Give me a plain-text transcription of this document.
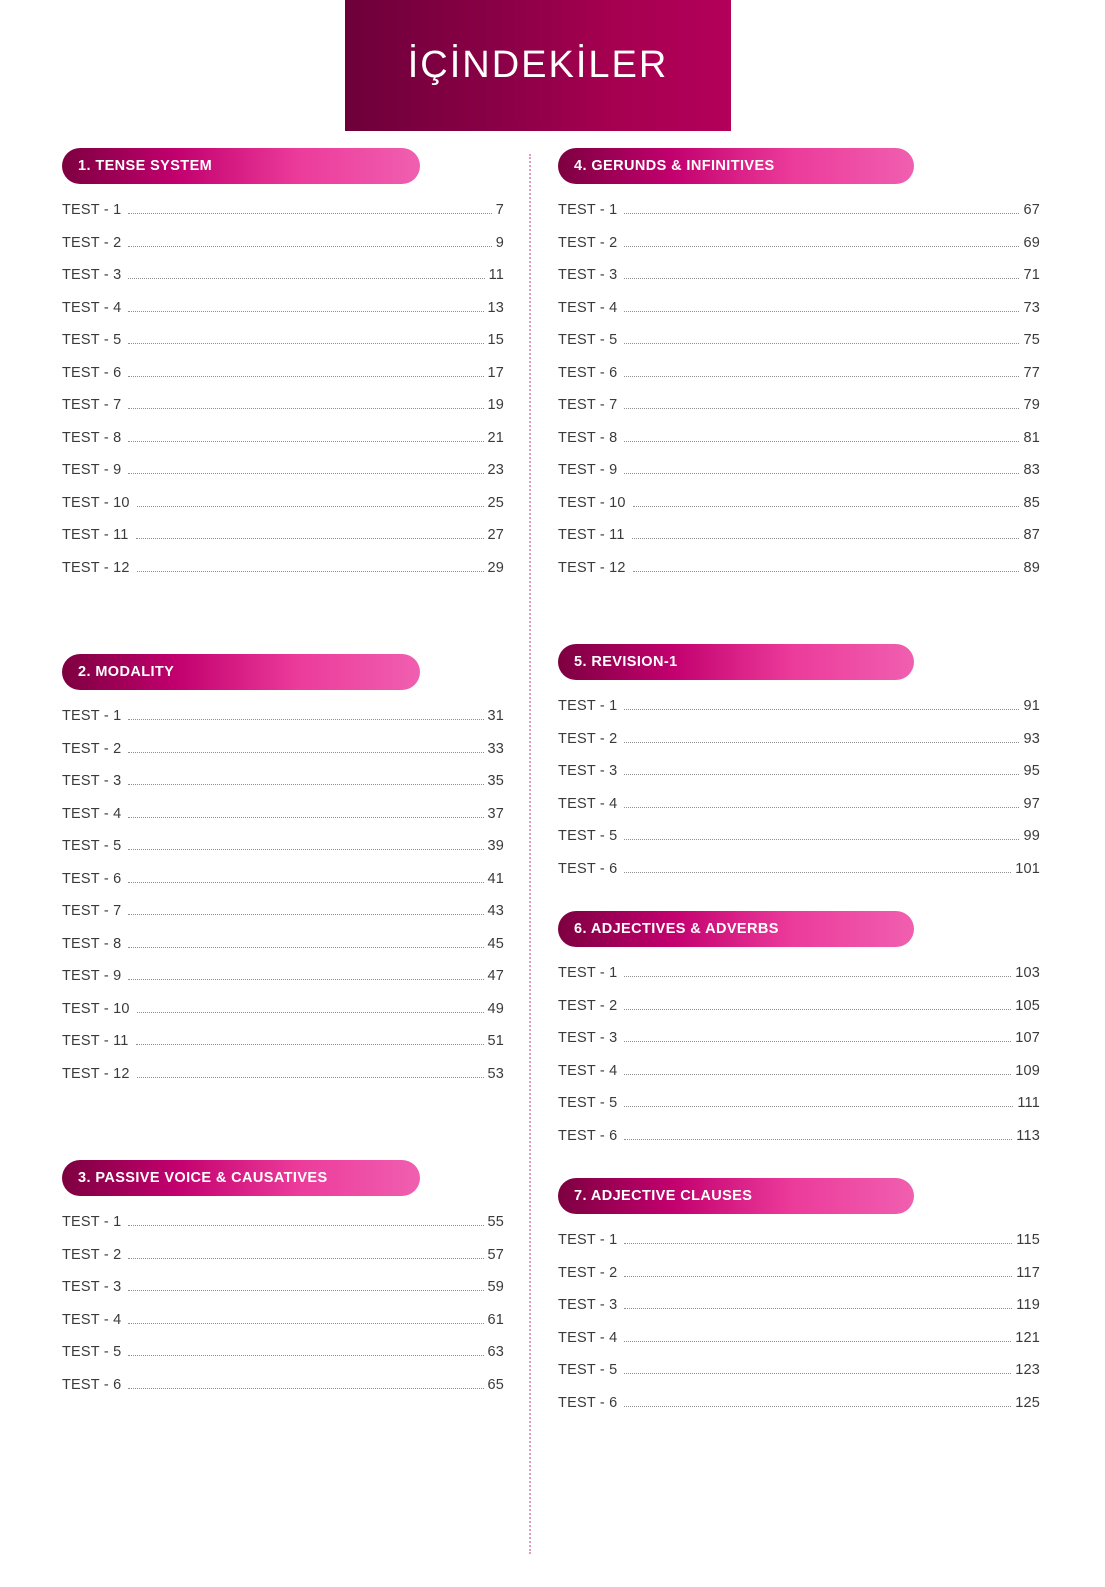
İÇİNDEKİLER
1. TENSE SYSTEM
TEST - 1	7
TEST - 2	9
TEST - 3	11
TEST - 4	13
TEST - 5	15
TEST - 6	17
TEST - 7	19
TEST - 8	21
TEST - 9	23
TEST - 10	25
TEST - 11	27
TEST - 12	29
2. MODALITY
TEST - 1	31
TEST - 2	33
TEST - 3	35
TEST - 4	37
TEST - 5	39
TEST - 6	41
TEST - 7	43
TEST - 8	45
TEST - 9	47
TEST - 10	49
TEST - 11	51
TEST - 12	53
3. PASSIVE VOICE & CAUSATIVES
TEST - 1	55
TEST - 2	57
TEST - 3	59
TEST - 4	61
TEST - 5	63
TEST - 6	65
4. GERUNDS & INFINITIVES
TEST - 1	67
TEST - 2	69
TEST - 3	71
TEST - 4	73
TEST - 5	75
TEST - 6	77
TEST - 7	79
TEST - 8	81
TEST - 9	83
TEST - 10	85
TEST - 11	87
TEST - 12	89
5. REVISION-1
TEST - 1	91
TEST - 2	93
TEST - 3	95
TEST - 4	97
TEST - 5	99
TEST - 6	101
6. ADJECTIVES & ADVERBS
TEST - 1	103
TEST - 2	105
TEST - 3	107
TEST - 4	109
TEST - 5	111
TEST - 6	113
7. ADJECTIVE CLAUSES
TEST - 1	115
TEST - 2	117
TEST - 3	119
TEST - 4	121
TEST - 5	123
TEST - 6	125
